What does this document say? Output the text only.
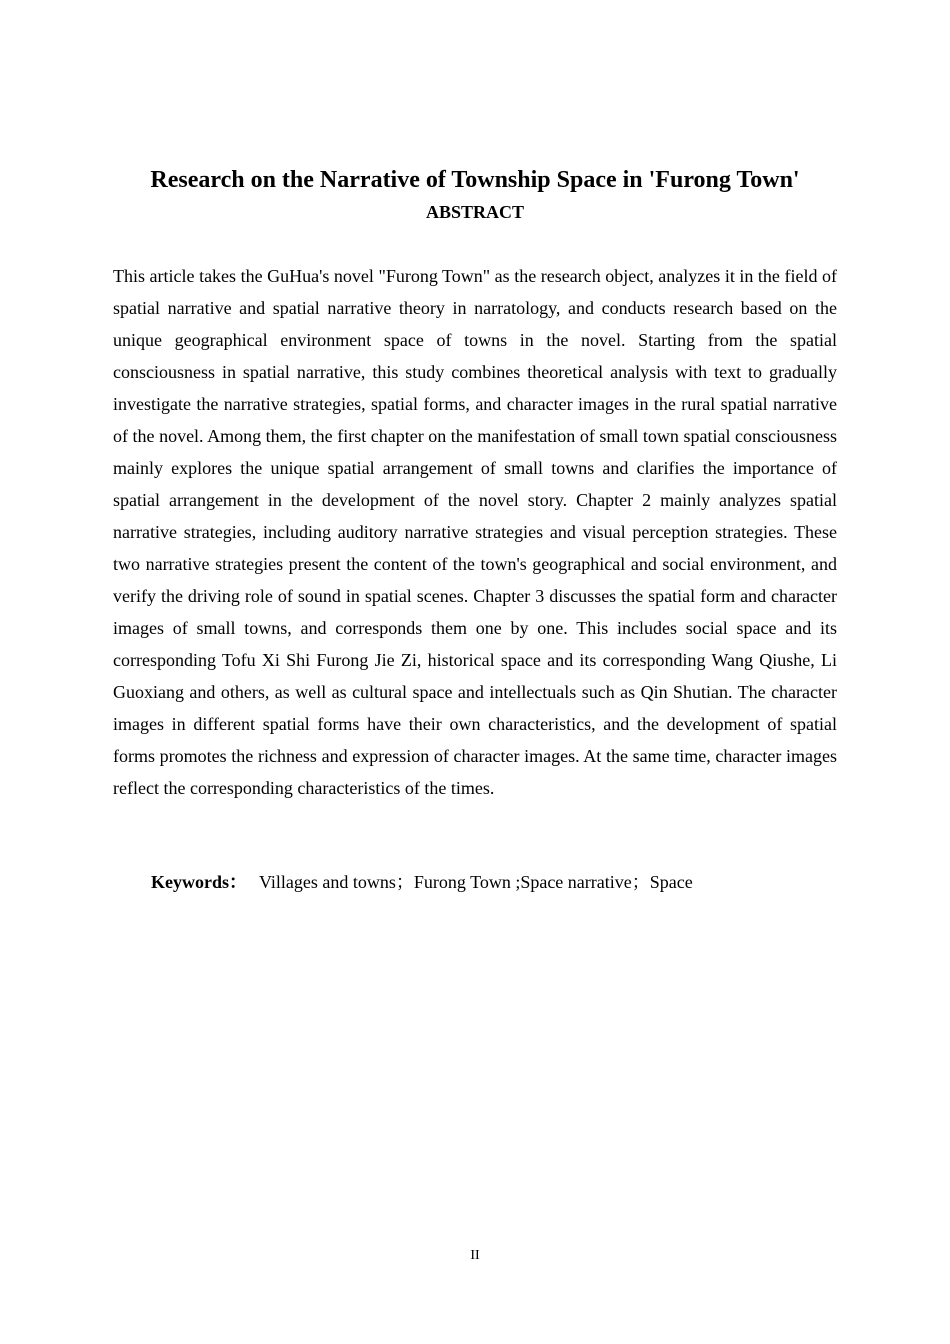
Research on the Narrative of Township Space in 'Furong Town'
ABSTRACT

This article takes the GuHua's novel "Furong Town" as the research object, analyzes it in the field of spatial narrative and spatial narrative theory in narratology, and conducts research based on the unique geographical environment space of towns in the novel. Starting from the spatial consciousness in spatial narrative, this study combines theoretical analysis with text to gradually investigate the narrative strategies, spatial forms, and character images in the rural spatial narrative of the novel. Among them, the first chapter on the manifestation of small town spatial consciousness mainly explores the unique spatial arrangement of small towns and clarifies the importance of spatial arrangement in the development of the novel story. Chapter 2 mainly analyzes spatial narrative strategies, including auditory narrative strategies and visual perception strategies. These two narrative strategies present the content of the town's geographical and social environment, and verify the driving role of sound in spatial scenes. Chapter 3 discusses the spatial form and character images of small towns, and corresponds them one by one. This includes social space and its corresponding Tofu Xi Shi Furong Jie Zi, historical space and its corresponding Wang Qiushe, Li Guoxiang and others, as well as cultural space and intellectuals such as Qin Shutian. The character images in different spatial forms have their own characteristics, and the development of spatial forms promotes the richness and expression of character images. At the same time, character images reflect the corresponding characteristics of the times.

Keywords： Villages and towns；Furong Town ;Space narrative；Space

II
